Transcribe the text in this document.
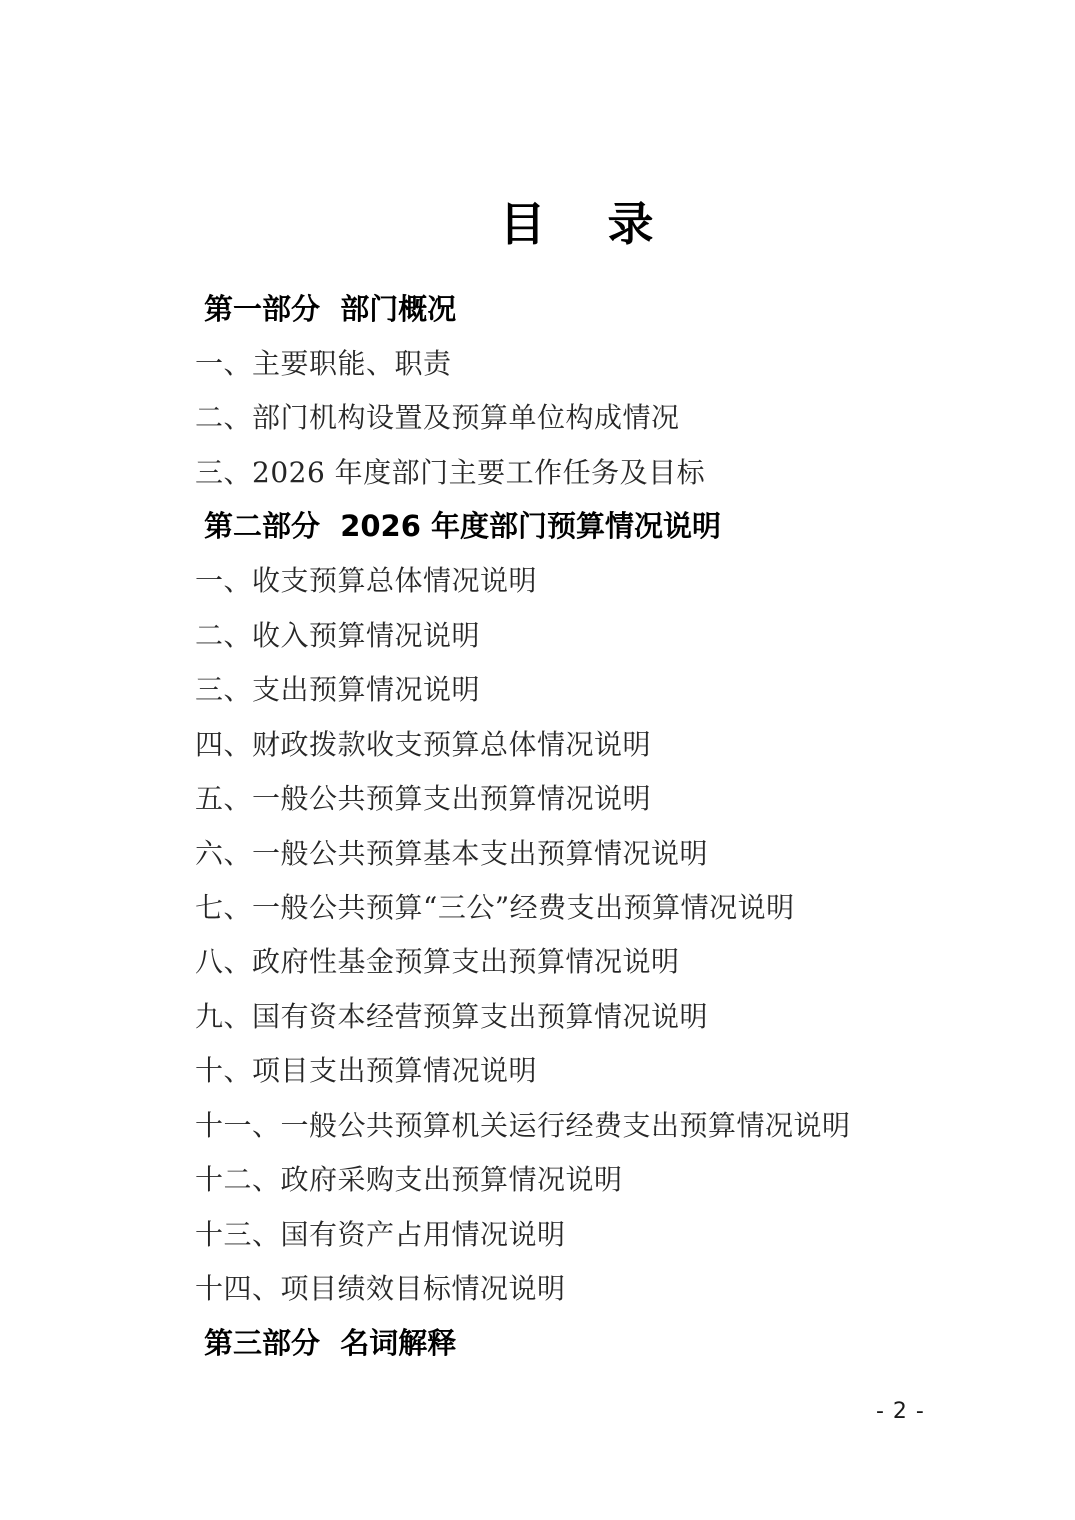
目　录
第一部分  部门概况
一、主要职能、职责
二、部门机构设置及预算单位构成情况
三、2026 年度部门主要工作任务及目标
第二部分  2026 年度部门预算情况说明
一、收支预算总体情况说明
二、收入预算情况说明
三、支出预算情况说明
四、财政拨款收支预算总体情况说明
五、一般公共预算支出预算情况说明
六、一般公共预算基本支出预算情况说明
七、一般公共预算“三公”经费支出预算情况说明
八、政府性基金预算支出预算情况说明
九、国有资本经营预算支出预算情况说明
十、项目支出预算情况说明
十一、一般公共预算机关运行经费支出预算情况说明
十二、政府采购支出预算情况说明
十三、国有资产占用情况说明
十四、项目绩效目标情况说明
第三部分  名词解释
- 2 -
